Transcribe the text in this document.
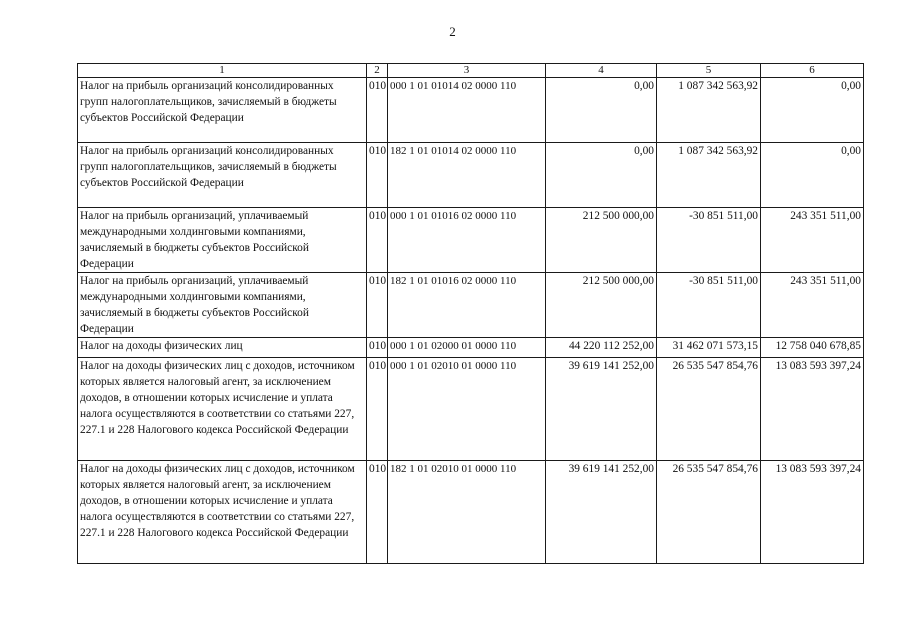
2
1	2	3	4	5	6
Налог на прибыль организаций консолидированных групп налогоплательщиков, зачисляемый в бюджеты субъектов Российской Федерации	010	000 1 01 01014 02 0000 110	0,00	1 087 342 563,92	0,00
Налог на прибыль организаций консолидированных групп налогоплательщиков, зачисляемый в бюджеты субъектов Российской Федерации	010	182 1 01 01014 02 0000 110	0,00	1 087 342 563,92	0,00
Налог на прибыль организаций, уплачиваемый международными холдинговыми компаниями, зачисляемый в бюджеты субъектов Российской Федерации	010	000 1 01 01016 02 0000 110	212 500 000,00	-30 851 511,00	243 351 511,00
Налог на прибыль организаций, уплачиваемый международными холдинговыми компаниями, зачисляемый в бюджеты субъектов Российской Федерации	010	182 1 01 01016 02 0000 110	212 500 000,00	-30 851 511,00	243 351 511,00
Налог на доходы физических лиц	010	000 1 01 02000 01 0000 110	44 220 112 252,00	31 462 071 573,15	12 758 040 678,85
Налог на доходы физических лиц с доходов, источником которых является налоговый агент, за исключением доходов, в отношении которых исчисление и уплата налога осуществляются в соответствии со статьями 227, 227.1 и 228 Налогового кодекса Российской Федерации	010	000 1 01 02010 01 0000 110	39 619 141 252,00	26 535 547 854,76	13 083 593 397,24
Налог на доходы физических лиц с доходов, источником которых является налоговый агент, за исключением доходов, в отношении которых исчисление и уплата налога осуществляются в соответствии со статьями 227, 227.1 и 228 Налогового кодекса Российской Федерации	010	182 1 01 02010 01 0000 110	39 619 141 252,00	26 535 547 854,76	13 083 593 397,24
